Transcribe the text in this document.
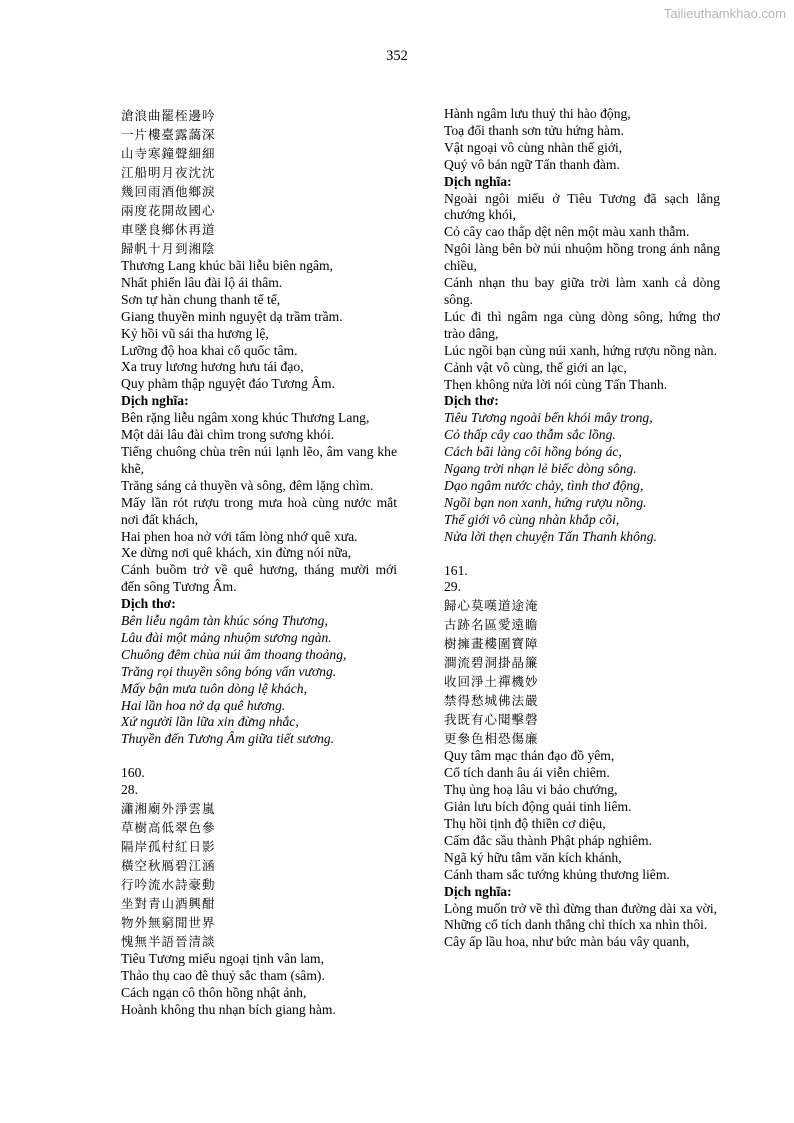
Tailieuthamkhao.com
352
滄浪曲罷桎邊吟
一片樓臺露藹深
山寺寒鐘聲細細
江船明月夜沈沈
幾回雨酒他鄉淚
兩度花開故國心
車墜良鄉休再道
歸帆十月到湘陰
Thương Lang khúc bãi liễu biên ngâm,
Nhất phiến lâu đài lộ ái thâm.
Sơn tự hàn chung thanh tế tế,
Giang thuyền minh nguyệt dạ trầm trầm.
Kỷ hồi vũ sái tha hương lệ,
Lưỡng độ hoa khai cố quốc tâm.
Xa truy lương hương hưu tái đạo,
Quy phàm thập nguyệt đáo Tương Âm.
Dịch nghĩa:
Bên rặng liễu ngâm xong khúc Thương Lang,
Một dải lâu đài chìm trong sương khói.
Tiếng chuông chùa trên núi lạnh lẽo, âm vang khe khẽ,
Trăng sáng cả thuyền và sông, đêm lặng chìm.
Mấy lần rót rượu trong mưa hoà cùng nước mắt nơi đất khách,
Hai phen hoa nở với tấm lòng nhớ quê xưa.
Xe dừng nơi quê khách, xin đừng nói nữa,
Cánh buồm trở về quê hương, tháng mười mới đến sông Tương Âm.
Dịch thơ:
Bên liễu ngâm tàn khúc sóng Thương,
Lâu đài một mảng nhuộm sương ngàn.
Chuông đêm chùa núi âm thoang thoảng,
Trăng rọi thuyền sông bóng vấn vương.
Mấy bận mưa tuôn dòng lệ khách,
Hai lần hoa nở dạ quê hương.
Xứ người lần lữa xin đừng nhắc,
Thuyền đến Tương Âm giữa tiết sương.
160.
28.
瀟湘廟外淨雲嵐
草樹高低翠色參
隔岸孤村紅日影
橫空秋鴈碧江涵
行吟流水詩豪動
坐對青山酒興酣
物外無窮閒世界
愧無半語晉清談
Tiêu Tương miếu ngoại tịnh vân lam,
Thảo thụ cao đê thuỷ sắc tham (sâm).
Cách ngạn cô thôn hồng nhật ảnh,
Hoành không thu nhạn bích giang hàm.
Hành ngâm lưu thuỷ thi hào động,
Toạ đối thanh sơn tửu hứng hàm.
Vật ngoại vô cùng nhàn thế giới,
Quý vô bán ngữ Tấn thanh đàm.
Dịch nghĩa:
Ngoài ngôi miếu ở Tiêu Tương đã sạch lẳng chướng khói,
Cỏ cây cao thấp dệt nên một màu xanh thẫm.
Ngôi làng bên bờ núi nhuộm hồng trong ánh nắng chiều,
Cánh nhạn thu bay giữa trời làm xanh cả dòng sông.
Lúc đi thì ngâm nga cùng dòng sông, hứng thơ trào dâng,
Lúc ngồi bạn cùng núi xanh, hứng rượu nồng nàn.
Cảnh vật vô cùng, thế giới an lạc,
Thẹn không nửa lời nói cùng Tấn Thanh.
Dịch thơ:
Tiêu Tương ngoài bến khói mây trong,
Cỏ thấp cây cao thẫm sắc lồng.
Cách bãi làng côi hồng bóng ác,
Ngang trời nhạn lẻ biếc dòng sông.
Dạo ngâm nước chảy, tình thơ động,
Ngồi bạn non xanh, hứng rượu nồng.
Thế giới vô cùng nhàn khắp cõi,
Nửa lời thẹn chuyện Tấn Thanh không.
161.
29.
歸心莫嘆道途淹
古跡名區愛遠瞻
樹擁畫樓圍寶障
澗流碧洞掛晶簾
收回淨土禪機妙
禁得愁城佛法嚴
我既有心聞擊磬
更參色相恐傷廉
Quy tâm mạc thán đạo đồ yêm,
Cổ tích danh âu ái viễn chiêm.
Thụ ủng hoạ lâu vi bảo chướng,
Giản lưu bích động quải tinh liêm.
Thụ hồi tịnh độ thiền cơ diệu,
Cấm đắc sầu thành Phật pháp nghiêm.
Ngã ký hữu tâm văn kích khánh,
Cánh tham sắc tướng khủng thương liêm.
Dịch nghĩa:
Lòng muốn trở về thì đừng than đường dài xa vời,
Những cổ tích danh thắng chỉ thích xa nhìn thôi.
Cây ấp lầu hoa, như bức màn báu vây quanh,
